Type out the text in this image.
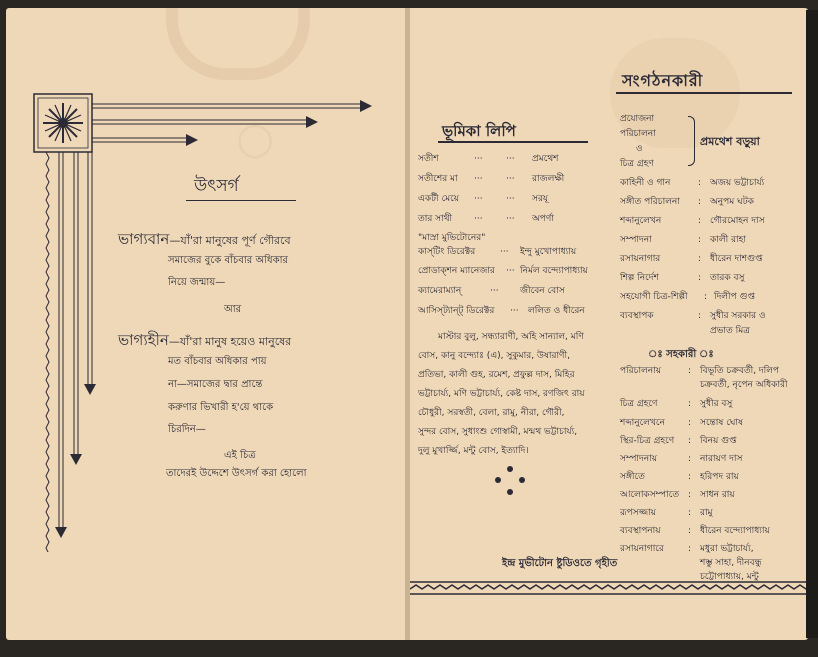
○
উৎসর্গ
ভাগ্যবান—যাঁ'রা মানুষের পূর্ণ গৌরবে
সমাজের বুকে বাঁচবার অধিকার
নিয়ে জন্মায়—
আর
ভাগ্যহীন—যাঁ'রা মানুষ হয়েও মানুষের
মত বাঁচবার অধিকার পায়
না—সমাজের দ্বার প্রান্তে
করুণার ভিখারী হ'য়ে থাকে
চিরদিন—
এই চিত্র
তাদেরই উদ্দেশে উৎসর্গ করা হোলো
সংগঠনকারী
ভূমিকা লিপি
সতীশ	···	··· প্রমথেশ
সতীশের মা ···	··· রাজলক্ষী
একটী মেয়ে ···	··· সরযূ
তার সাথী ···	··· অপর্ণা
"মাস্রা মুভিটোনের"
কাস্‌টিং ডিরেক্টর	··· ইন্দু মুখোপাধ্যায়
প্রোডাক্‌শন ম্যানেজার ··· নির্মল বন্দ্যোপাধ্যায়
ক্যামেরাম্যান্‌	··· জীবেন বোস
আসিস্‌ট্যান্ট্‌ ডিরেক্টর ··· ললিত ও ধীরেন
মাস্টার বুলু, সন্ধ্যারাণী, অহি সান্যাল, মণি
বোস, কানু বন্দ্যোঃ (এ), সুকুমার, উষারাণী,
প্রতিভা, কালী গুহ, রমেশ, প্রফুল্ল দাস, মিহির
ভট্টাচার্য্য, মণি ভট্টাচার্য্য, কেষ্ট দাস, রণজিৎ রায়
চৌধুরী, সরস্বতী, বেলা, রামু, নীরা, গৌরী,
সুন্দর বোস, সুধাংশু গোস্বামী, মন্মথ ভট্টাচার্য্য,
দুলু মুখাৰ্জ্জি, মন্টু বোস, ইত্যাদি।
প্রযোজনা
পরিচালনা
ও
চিত্র গ্রহণ
প্রমথেশ বড়ুয়া
কাহিনী ও গান	: অজয় ভট্টাচার্য্য
সঙ্গীত পরিচালনা : অনুপম ঘটক
শব্দানুলেখন	: গৌরমোহন দাস
সম্পাদনা	: কালী রাহা
রসায়নাগার	: ধীরেন দাশগুপ্ত
শিল্প নির্দেশ	: তারক বসু
সহযোগী চিত্র-শিল্পী : দিলীপ গুপ্ত
ব্যবস্থাপক	: সুধীর সরকার ও
প্রভাত মিত্র
ঃ সহকারী ঃ
পরিচালনায়	: বিভূতি চক্রবর্তী, দলিপ
চক্রবর্তী, নৃপেন অধিকারী
চিত্র গ্রহণে	: সুধীর বসু
শব্দানুলেখনে	: সন্তোষ ঘোষ
স্থির-চিত্র গ্রহণে : বিনয় গুপ্ত
সম্পাদনায়	: নারায়ণ দাস
সঙ্গীতে	: হরিপদ রায়
আলোকসম্পাতে : সাধন রায়
রূপসজ্জায়	: রামু
ব্যবস্থাপনায়	: ধীরেন বন্দ্যোপাধ্যায়
রসায়নাগারে	: মধুরা ভট্টাচার্য্য,
শম্ভু সাহা, দীনবন্ধু
চট্টোপাধ্যায়, মন্টু
ইন্দ্র মুভীটোন ষ্টুডিওতে গৃহীত
